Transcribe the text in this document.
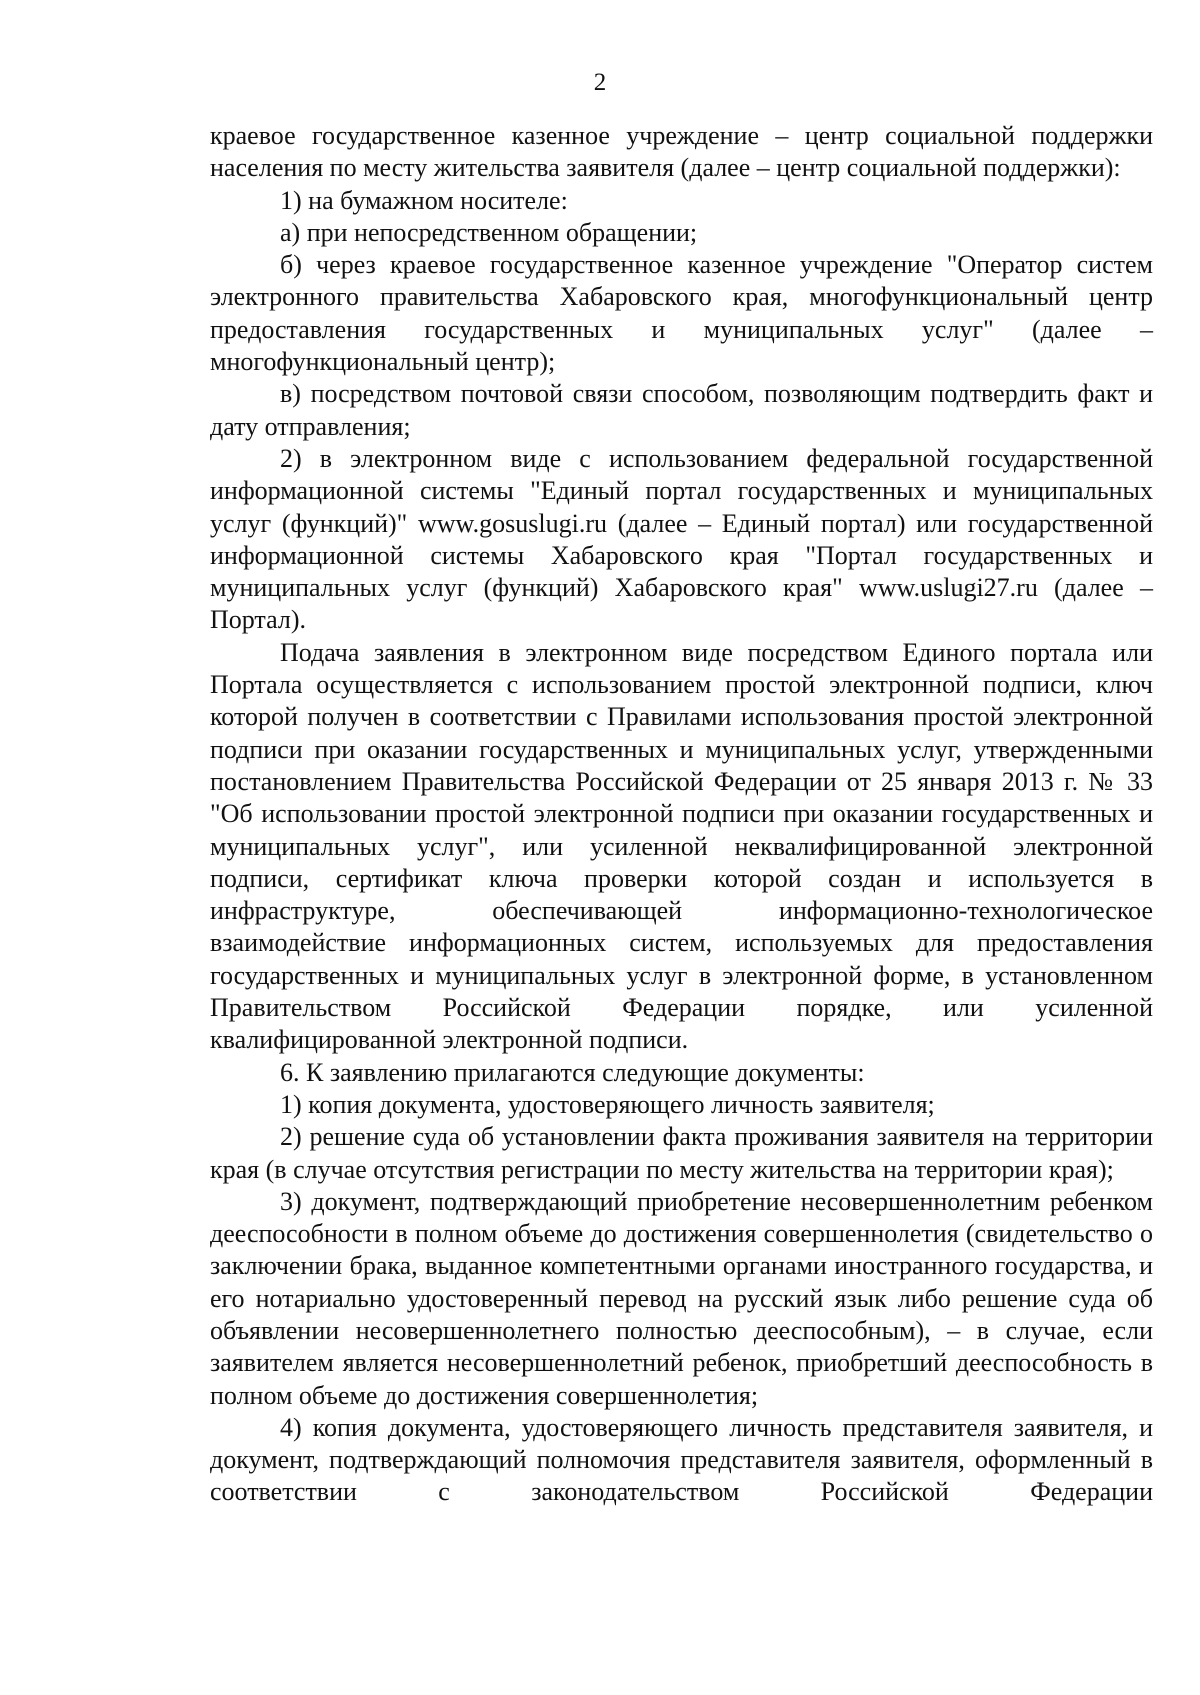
2

краевое государственное казенное учреждение – центр социальной поддержки населения по месту жительства заявителя (далее – центр социальной поддержки):

1) на бумажном носителе:

а) при непосредственном обращении;

б) через краевое государственное казенное учреждение "Оператор систем электронного правительства Хабаровского края, многофункциональный центр предоставления государственных и муниципальных услуг" (далее – многофункциональный центр);

в) посредством почтовой связи способом, позволяющим подтвердить факт и дату отправления;

2) в электронном виде с использованием федеральной государственной информационной системы "Единый портал государственных и муниципальных услуг (функций)" www.gosuslugi.ru (далее – Единый портал) или государственной информационной системы Хабаровского края "Портал государственных и муниципальных услуг (функций) Хабаровского края" www.uslugi27.ru (далее – Портал).

Подача заявления в электронном виде посредством Единого портала или Портала осуществляется с использованием простой электронной подписи, ключ которой получен в соответствии с Правилами использования простой электронной подписи при оказании государственных и муниципальных услуг, утвержденными постановлением Правительства Российской Федерации от 25 января 2013 г. № 33 "Об использовании простой электронной подписи при оказании государственных и муниципальных услуг", или усиленной неквалифицированной электронной подписи, сертификат ключа проверки которой создан и используется в инфраструктуре, обеспечивающей информационно-технологическое взаимодействие информационных систем, используемых для предоставления государственных и муниципальных услуг в электронной форме, в установленном Правительством Российской Федерации порядке, или усиленной квалифицированной электронной подписи.

6. К заявлению прилагаются следующие документы:

1) копия документа, удостоверяющего личность заявителя;

2) решение суда об установлении факта проживания заявителя на территории края (в случае отсутствия регистрации по месту жительства на территории края);

3) документ, подтверждающий приобретение несовершеннолетним ребенком дееспособности в полном объеме до достижения совершеннолетия (свидетельство о заключении брака, выданное компетентными органами иностранного государства, и его нотариально удостоверенный перевод на русский язык либо решение суда об объявлении несовершеннолетнего полностью дееспособным), – в случае, если заявителем является несовершеннолетний ребенок, приобретший дееспособность в полном объеме до достижения совершеннолетия;

4) копия документа, удостоверяющего личность представителя заявителя, и документ, подтверждающий полномочия представителя заявителя, оформленный в соответствии с законодательством Российской Федерации
